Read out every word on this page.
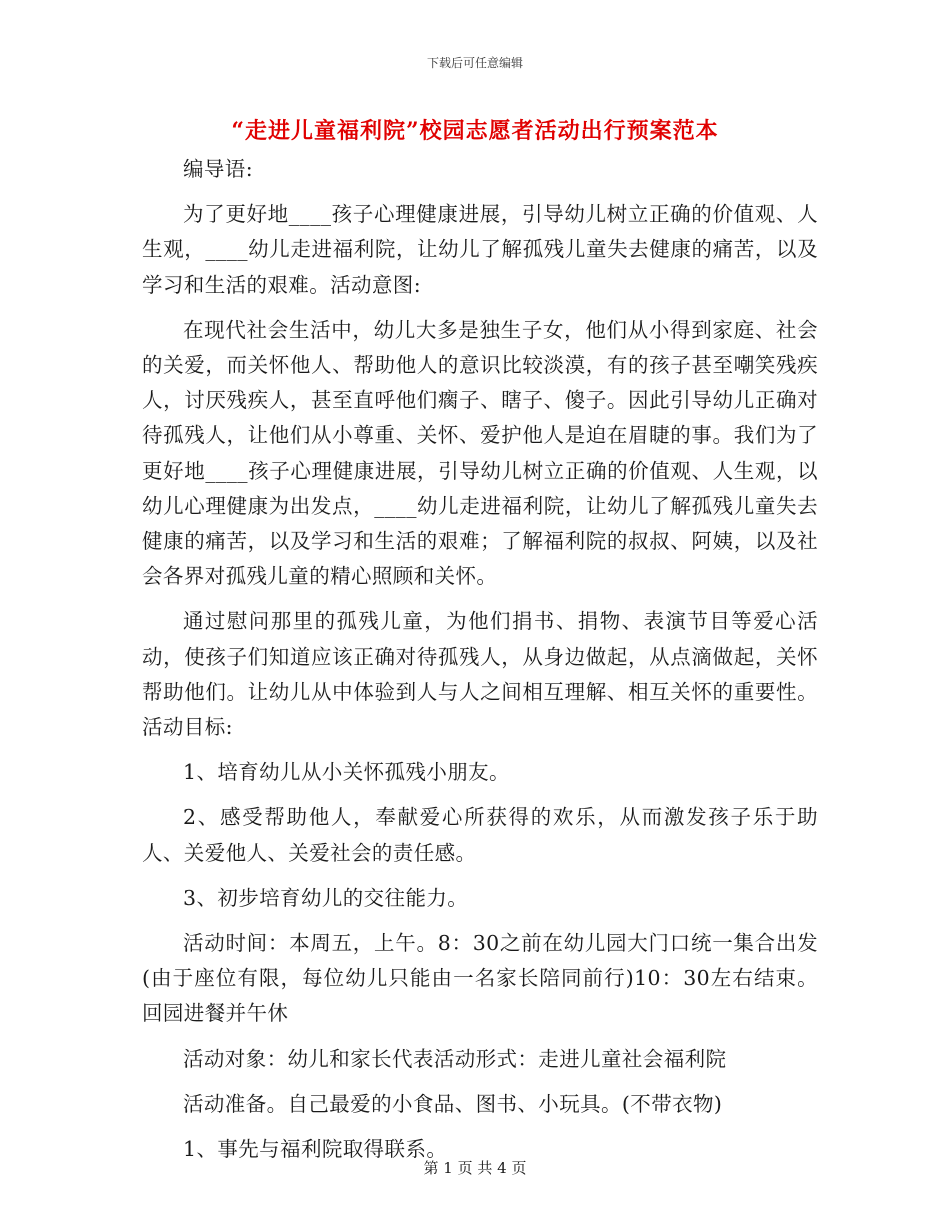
下载后可任意编辑
“走进儿童福利院”校园志愿者活动出行预案范本

编导语:

为了更好地____孩子心理健康进展，引导幼儿树立正确的价值观、人生观，____幼儿走进福利院，让幼儿了解孤残儿童失去健康的痛苦，以及学习和生活的艰难。活动意图:

在现代社会生活中，幼儿大多是独生子女，他们从小得到家庭、社会的关爱，而关怀他人、帮助他人的意识比较淡漠，有的孩子甚至嘲笑残疾人，讨厌残疾人，甚至直呼他们瘸子、瞎子、傻子。因此引导幼儿正确对待孤残人，让他们从小尊重、关怀、爱护他人是迫在眉睫的事。我们为了更好地____孩子心理健康进展，引导幼儿树立正确的价值观、人生观，以幼儿心理健康为出发点，____幼儿走进福利院，让幼儿了解孤残儿童失去健康的痛苦，以及学习和生活的艰难；了解福利院的叔叔、阿姨，以及社会各界对孤残儿童的精心照顾和关怀。

通过慰问那里的孤残儿童，为他们捐书、捐物、表演节目等爱心活动，使孩子们知道应该正确对待孤残人，从身边做起，从点滴做起，关怀帮助他们。让幼儿从中体验到人与人之间相互理解、相互关怀的重要性。活动目标:

1、培育幼儿从小关怀孤残小朋友。

2、感受帮助他人，奉献爱心所获得的欢乐，从而激发孩子乐于助人、关爱他人、关爱社会的责任感。

3、初步培育幼儿的交往能力。

活动时间：本周五，上午。8：30之前在幼儿园大门口统一集合出发(由于座位有限，每位幼儿只能由一名家长陪同前行)10：30左右结束。回园进餐并午休

活动对象：幼儿和家长代表活动形式：走进儿童社会福利院

活动准备。自己最爱的小食品、图书、小玩具。(不带衣物)

1、事先与福利院取得联系。

第 1 页 共 4 页
